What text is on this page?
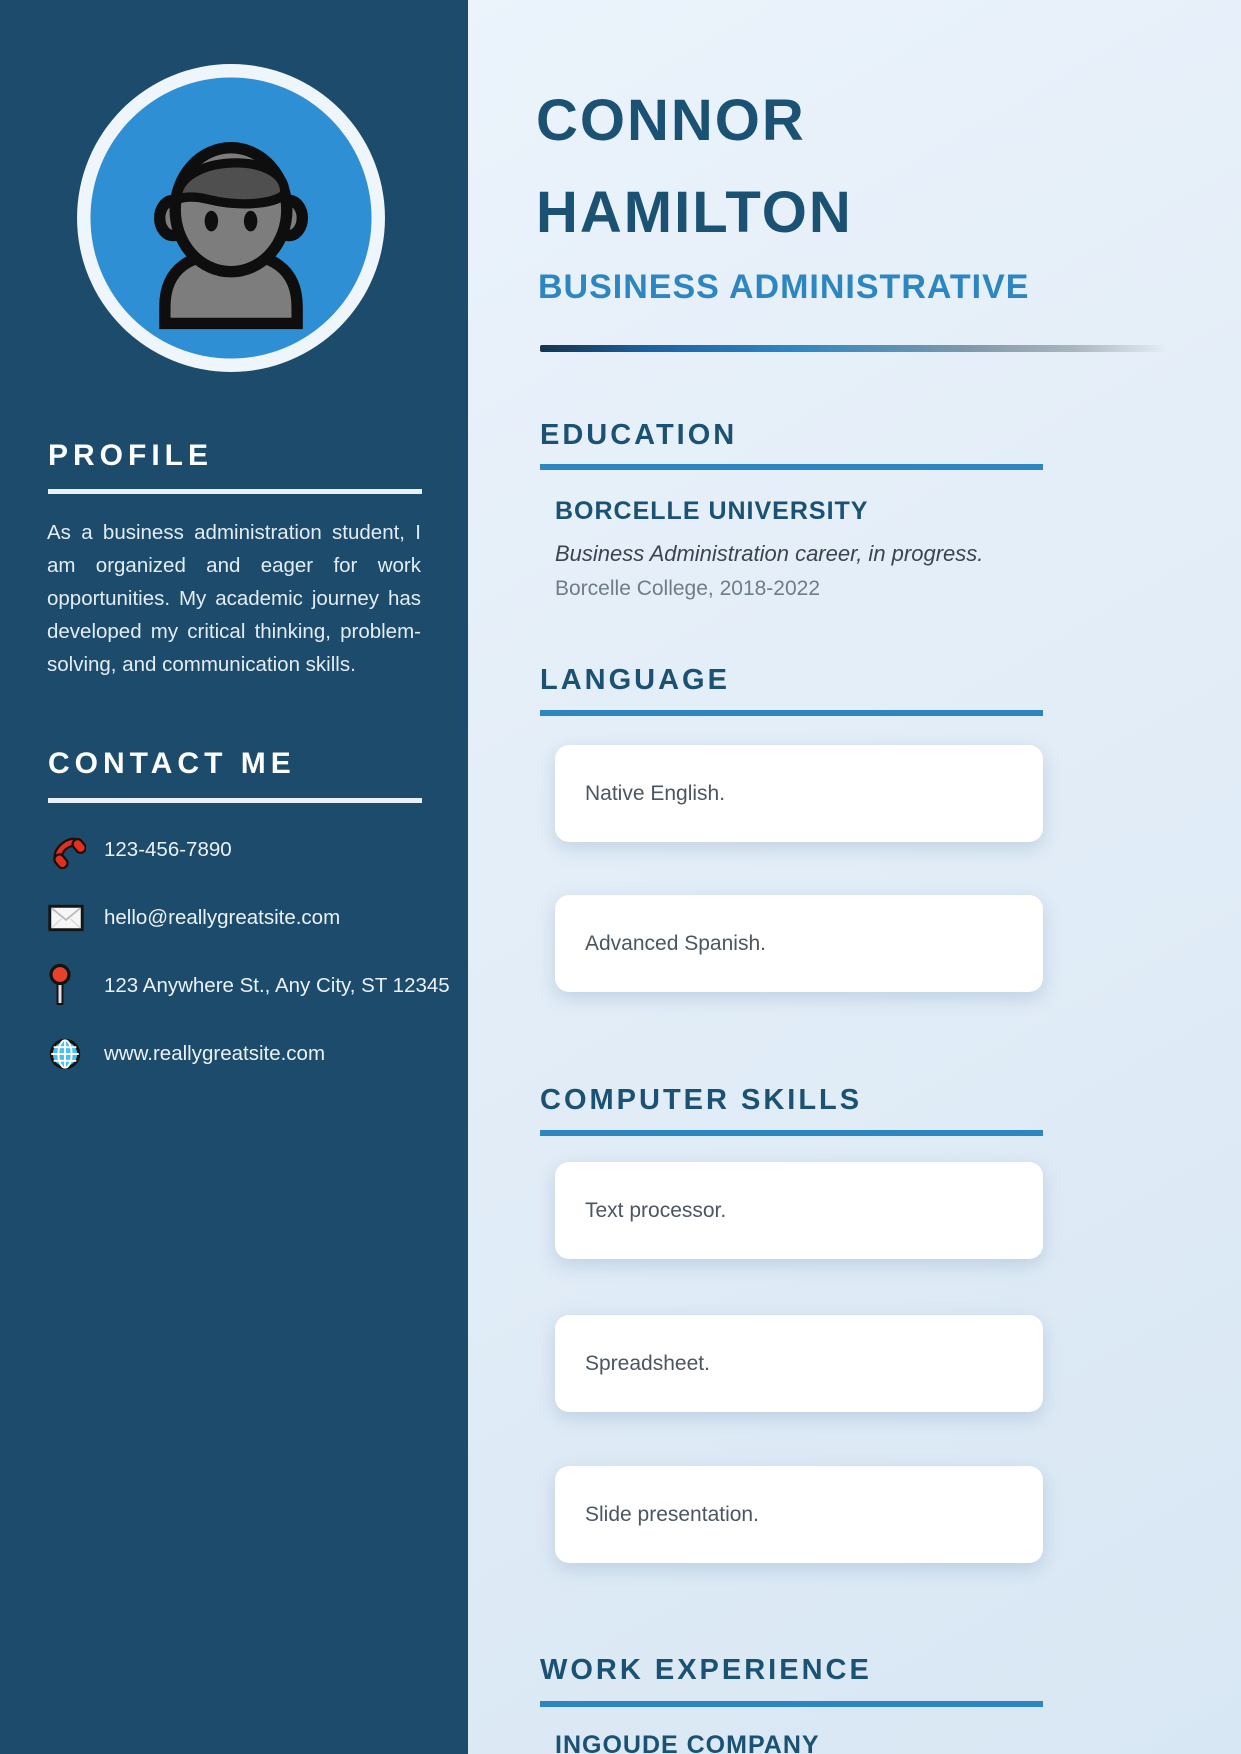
PROFILE

As a business administration student, I am organized and eager for work opportunities. My academic journey has developed my critical thinking, problem-solving, and communication skills.

CONTACT ME
123-456-7890
hello@reallygreatsite.com
123 Anywhere St., Any City, ST 12345
www.reallygreatsite.com
CONNOR
HAMILTON
BUSINESS ADMINISTRATIVE
EDUCATION

BORCELLE UNIVERSITY

Business Administration career, in progress.

Borcelle College, 2018-2022

LANGUAGE
Native English.
Advanced Spanish.
COMPUTER SKILLS
Text processor.
Spreadsheet.
Slide presentation.
WORK EXPERIENCE

INGOUDE COMPANY
